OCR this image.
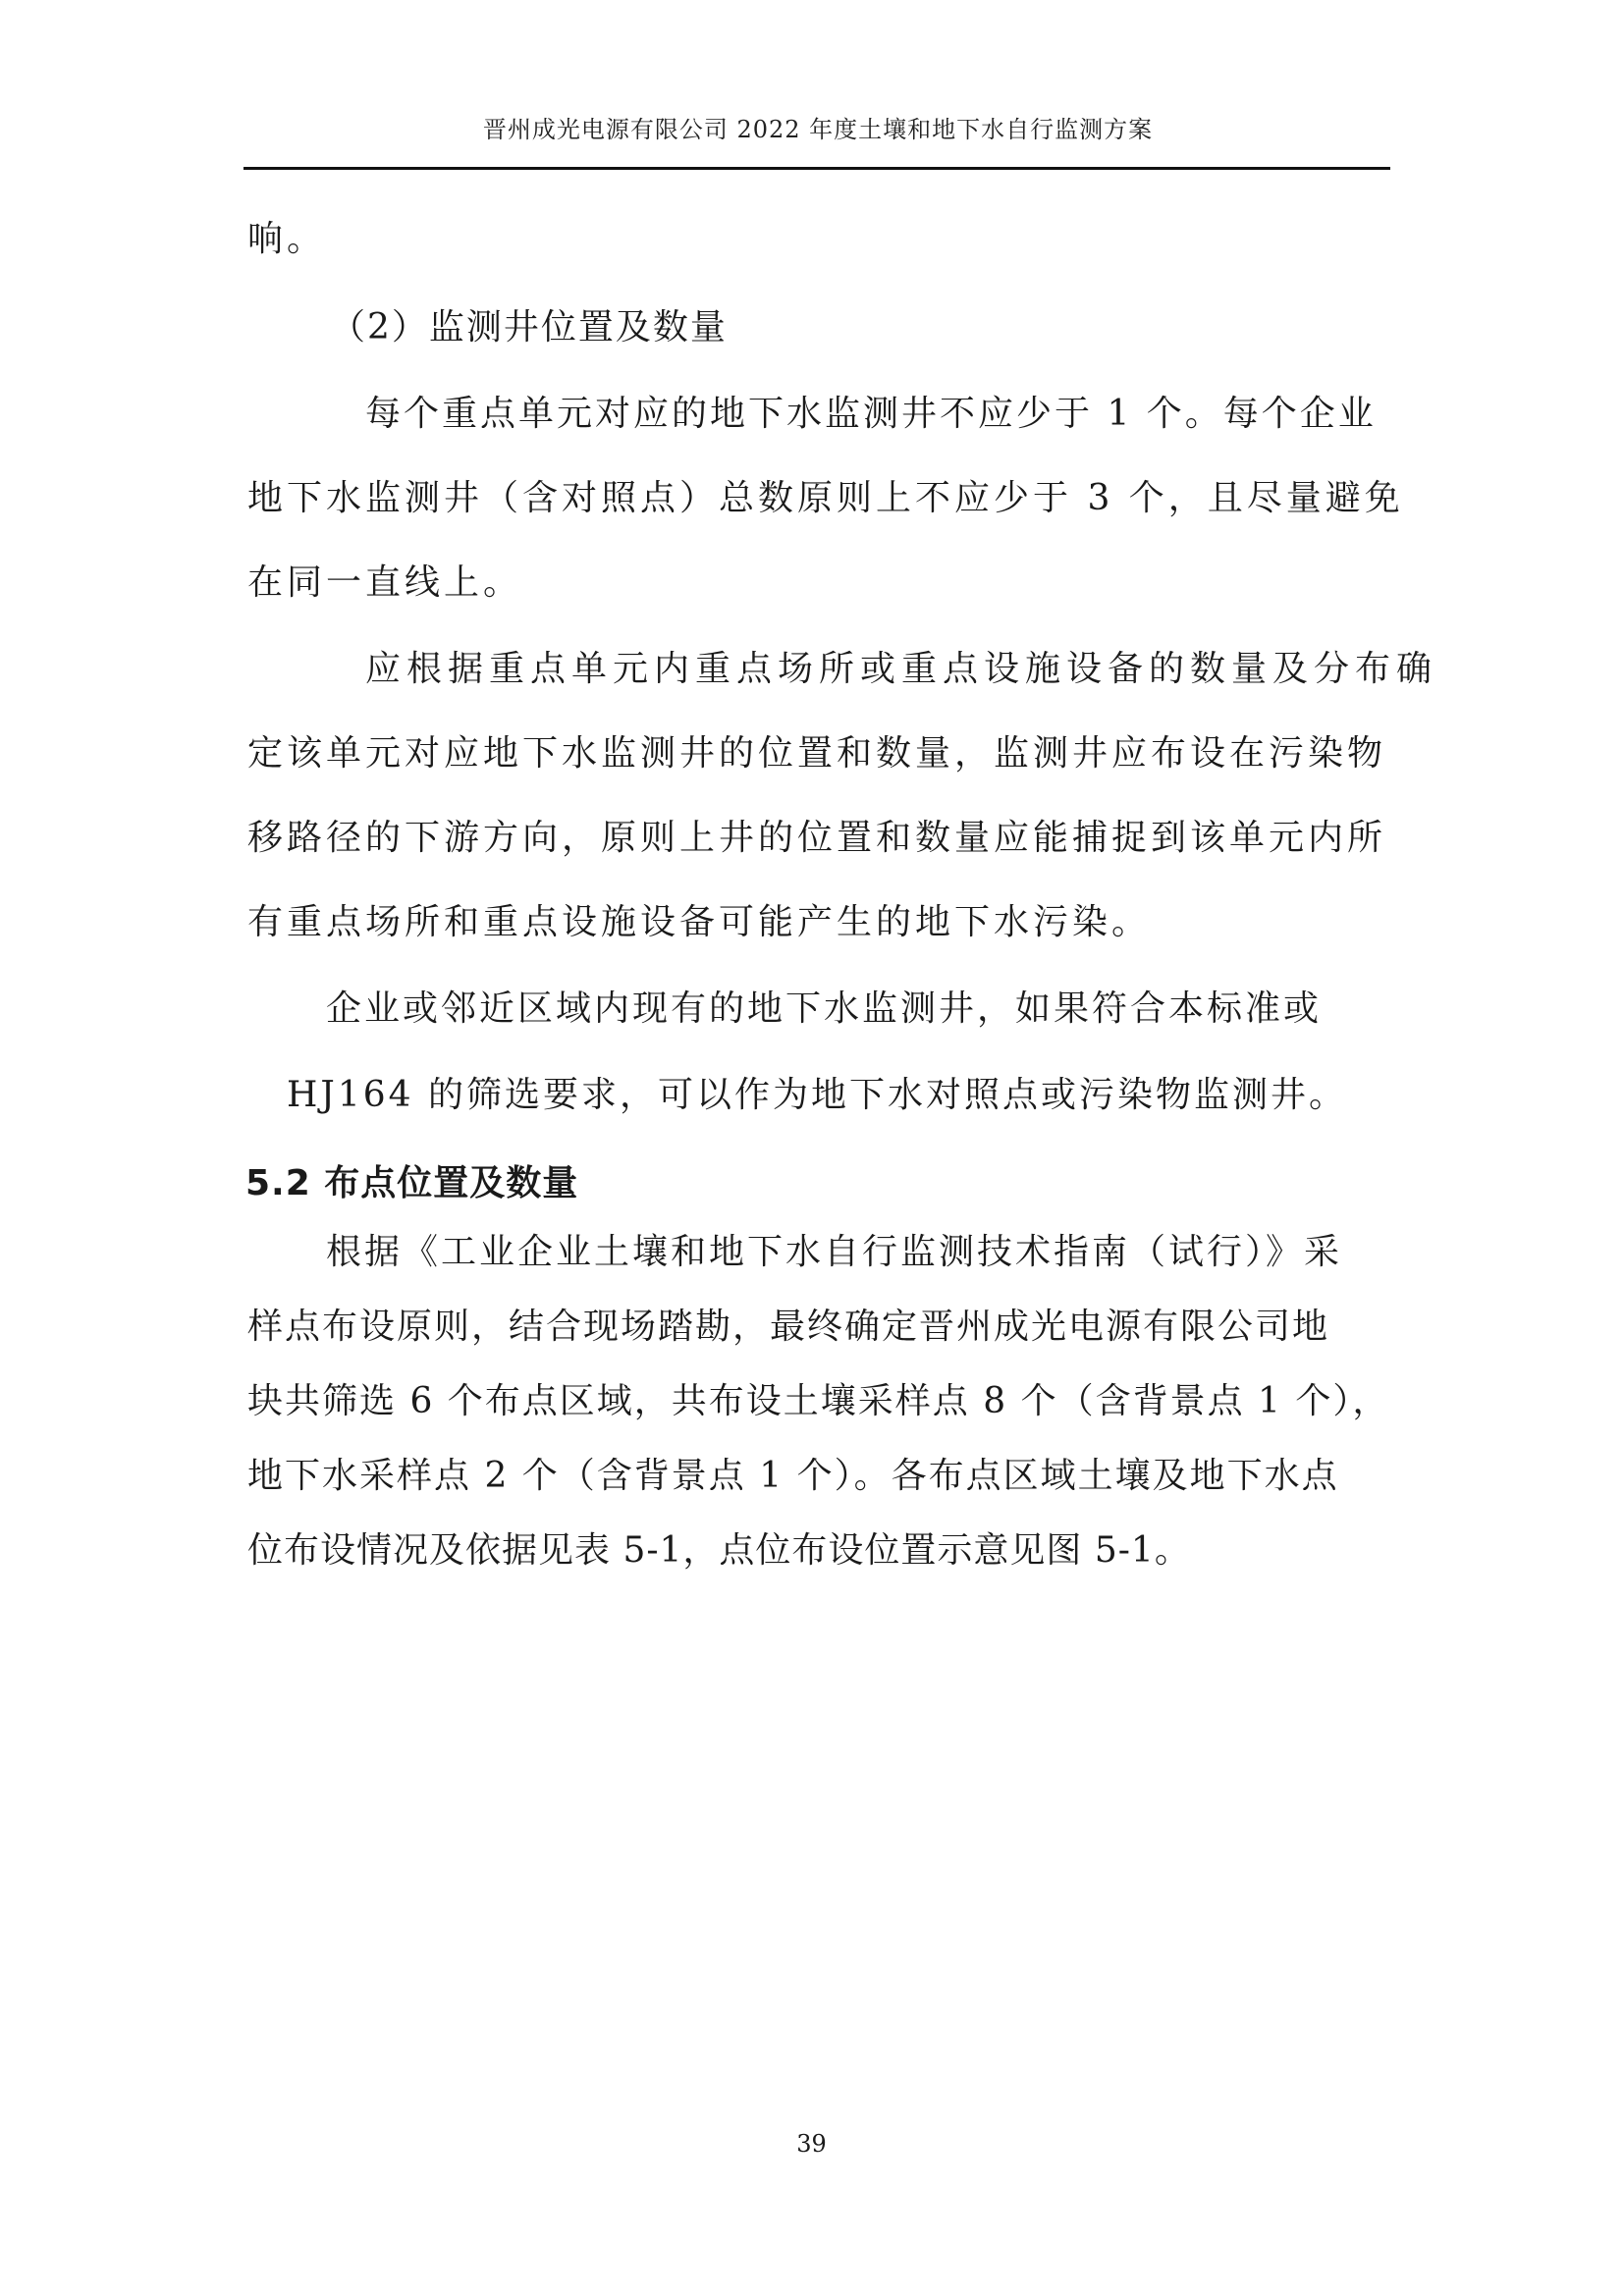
晋州成光电源有限公司 2022 年度土壤和地下水自行监测方案
响。
（2）监测井位置及数量
每个重点单元对应的地下水监测井不应少于 1 个。每个企业
地下水监测井（含对照点）总数原则上不应少于 3 个，且尽量避免
在同一直线上。
应根据重点单元内重点场所或重点设施设备的数量及分布确
定该单元对应地下水监测井的位置和数量，监测井应布设在污染物
移路径的下游方向，原则上井的位置和数量应能捕捉到该单元内所
有重点场所和重点设施设备可能产生的地下水污染。
企业或邻近区域内现有的地下水监测井，如果符合本标准或
HJ164 的筛选要求，可以作为地下水对照点或污染物监测井。
5.2 布点位置及数量
根据《工业企业土壤和地下水自行监测技术指南（试行）》采
样点布设原则，结合现场踏勘，最终确定晋州成光电源有限公司地
块共筛选 6 个布点区域，共布设土壤采样点 8 个（含背景点 1 个），
地下水采样点 2 个（含背景点 1 个）。各布点区域土壤及地下水点
位布设情况及依据见表 5-1，点位布设位置示意见图 5-1。
39
